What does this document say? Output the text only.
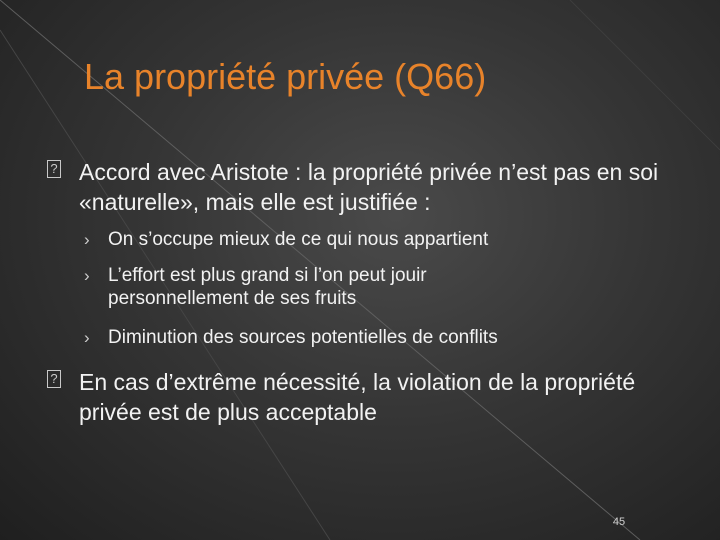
La propriété privée (Q66)
? Accord avec Aristote : la propriété privée n’est pas en soi «naturelle», mais elle est justifiée :
› On s’occupe mieux de ce qui nous appartient
› L’effort est plus grand si l’on peut jouir personnellement de ses fruits
› Diminution des sources potentielles de conflits
? En cas d’extrême nécessité, la violation de la propriété privée est de plus acceptable
45
